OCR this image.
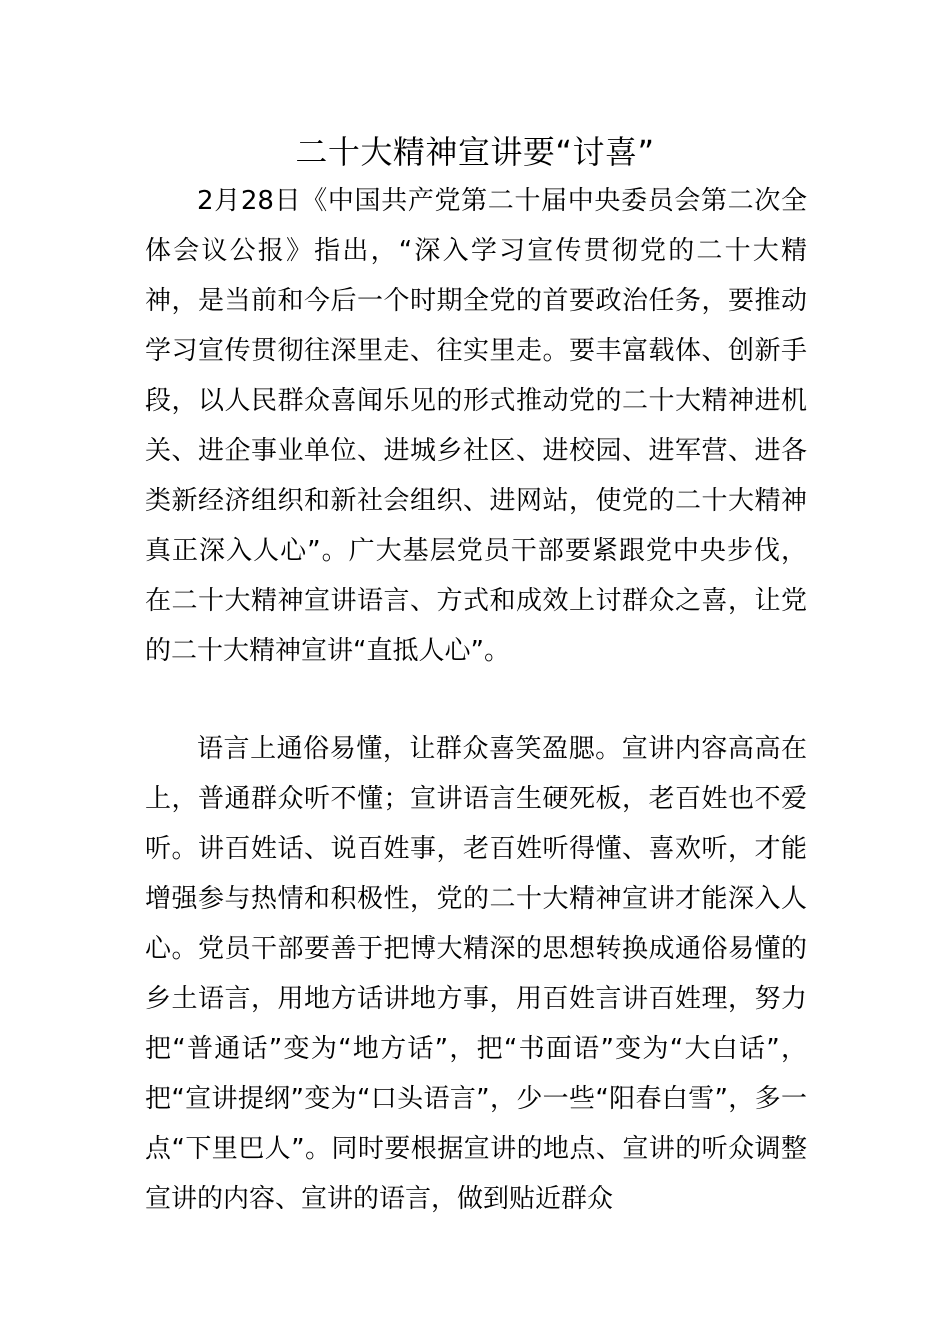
二十大精神宣讲要“讨喜”

2月28日《中国共产党第二十届中央委员会第二次全体会议公报》指出，“深入学习宣传贯彻党的二十大精神，是当前和今后一个时期全党的首要政治任务，要推动学习宣传贯彻往深里走、往实里走。要丰富载体、创新手段，以人民群众喜闻乐见的形式推动党的二十大精神进机关、进企事业单位、进城乡社区、进校园、进军营、进各类新经济组织和新社会组织、进网站，使党的二十大精神真正深入人心”。广大基层党员干部要紧跟党中央步伐，在二十大精神宣讲语言、方式和成效上讨群众之喜，让党的二十大精神宣讲“直抵人心”。

语言上通俗易懂，让群众喜笑盈腮。宣讲内容高高在上，普通群众听不懂；宣讲语言生硬死板，老百姓也不爱听。讲百姓话、说百姓事，老百姓听得懂、喜欢听，才能增强参与热情和积极性，党的二十大精神宣讲才能深入人心。党员干部要善于把博大精深的思想转换成通俗易懂的乡土语言，用地方话讲地方事，用百姓言讲百姓理，努力把“普通话”变为“地方话”，把“书面语”变为“大白话”，把“宣讲提纲”变为“口头语言”，少一些“阳春白雪”，多一点“下里巴人”。同时要根据宣讲的地点、宣讲的听众调整宣讲的内容、宣讲的语言，做到贴近群众
